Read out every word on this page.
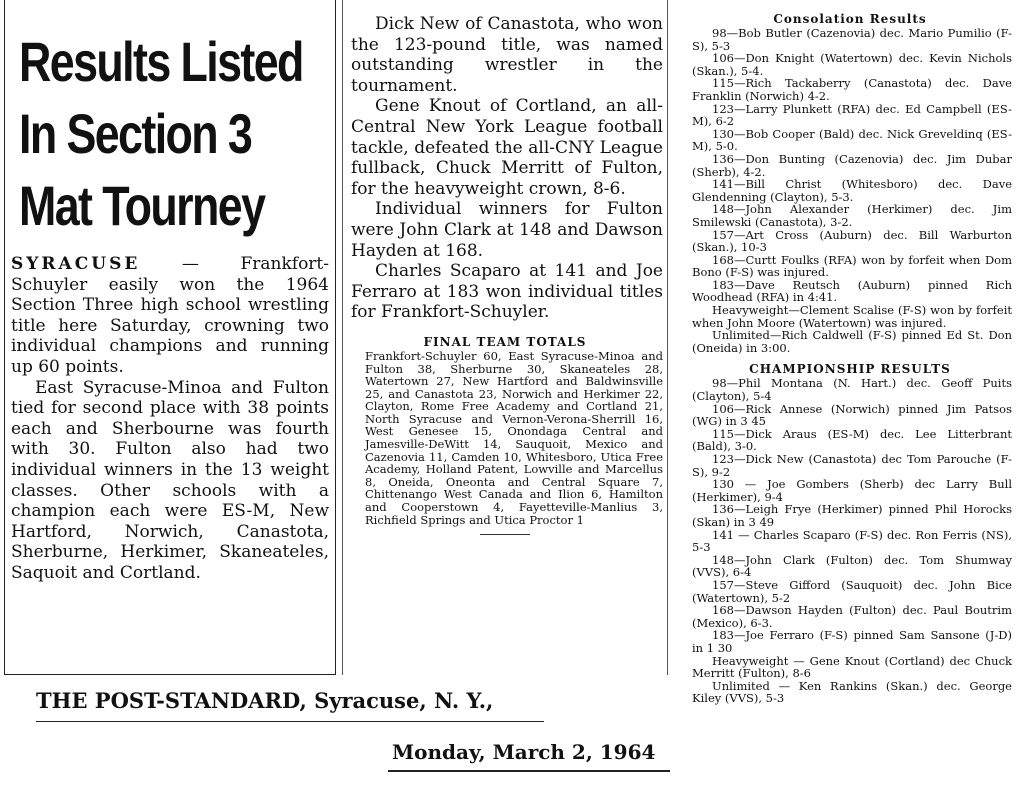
Results Listed
In Section 3
Mat Tourney

SYRACUSE — Frankfort-Schuyler easily won the 1964 Section Three high school wrestling title here Saturday, crowning two individual champions and running up 60 points.

East Syracuse-Minoa and Fulton tied for second place with 38 points each and Sherbourne was fourth with 30. Fulton also had two individual winners in the 13 weight classes. Other schools with a champion each were ES-M, New Hartford, Norwich, Canastota, Sherburne, Herkimer, Skaneateles, Saquoit and Cortland.

Dick New of Canastota, who won the 123-pound title, was named outstanding wrestler in the tournament.

Gene Knout of Cortland, an all-Central New York League football tackle, defeated the all-CNY League fullback, Chuck Merritt of Fulton, for the heavyweight crown, 8-6.

Individual winners for Fulton were John Clark at 148 and Dawson Hayden at 168.

Charles Scaparo at 141 and Joe Ferraro at 183 won individual titles for Frankfort-Schuyler.

FINAL TEAM TOTALS
Frankfort-Schuyler 60, East Syracuse-Minoa and Fulton 38, Sherburne 30, Skaneateles 28, Watertown 27, New Hartford and Baldwinsville 25, and Canastota 23, Norwich and Herkimer 22, Clayton, Rome Free Academy and Cortland 21, North Syracuse and Vernon-Verona-Sherrill 16, West Genesee 15, Onondaga Central and Jamesville-DeWitt 14, Sauquoit, Mexico and Cazenovia 11, Camden 10, Whitesboro, Utica Free Academy, Holland Patent, Lowville and Marcellus 8, Oneida, Oneonta and Central Square 7, Chittenango West Canada and Ilion 6, Hamilton and Cooperstown 4, Fayetteville-Manlius 3, Richfield Springs and Utica Proctor 1
Consolation Results
98—Bob Butler (Cazenovia) dec. Mario Pumilio (F-S), 5-3
106—Don Knight (Watertown) dec. Kevin Nichols (Skan.), 5-4.
115—Rich Tackaberry (Canastota) dec. Dave Franklin (Norwich) 4-2.
123—Larry Plunkett (RFA) dec. Ed Campbell (ES-M), 6-2
130—Bob Cooper (Bald) dec. Nick Greveldinq (ES-M), 5-0.
136—Don Bunting (Cazenovia) dec. Jim Dubar (Sherb), 4-2.
141—Bill Christ (Whitesboro) dec. Dave Glendenning (Clayton), 5-3.
148—John Alexander (Herkimer) dec. Jim Smilewski (Canastota), 3-2.
157—Art Cross (Auburn) dec. Bill Warburton (Skan.), 10-3
168—Curtt Foulks (RFA) won by forfeit when Dom Bono (F-S) was injured.
183—Dave Reutsch (Auburn) pinned Rich Woodhead (RFA) in 4:41.
Heavyweight—Clement Scalise (F-S) won by forfeit when John Moore (Watertown) was injured.
Unlimited—Rich Caldwell (F-S) pinned Ed St. Don (Oneida) in 3:00.
CHAMPIONSHIP RESULTS
98—Phil Montana (N. Hart.) dec. Geoff Puits (Clayton), 5-4
106—Rick Annese (Norwich) pinned Jim Patsos (WG) in 3 45
115—Dick Araus (ES-M) dec. Lee Litterbrant (Bald), 3-0.
123—Dick New (Canastota) dec Tom Parouche (F-S), 9-2
130 — Joe Gombers (Sherb) dec Larry Bull (Herkimer), 9-4
136—Leigh Frye (Herkimer) pinned Phil Horocks (Skan) in 3 49
141 — Charles Scaparo (F-S) dec. Ron Ferris (NS), 5-3
148—John Clark (Fulton) dec. Tom Shumway (VVS), 6-4
157—Steve Gifford (Sauquoit) dec. John Bice (Watertown), 5-2
168—Dawson Hayden (Fulton) dec. Paul Boutrim (Mexico), 6-3.
183—Joe Ferraro (F-S) pinned Sam Sansone (J-D) in 1 30
Heavyweight — Gene Knout (Cortland) dec Chuck Merritt (Fulton), 8-6
Unlimited — Ken Rankins (Skan.) dec. George Kiley (VVS), 5-3
THE POST-STANDARD, Syracuse, N. Y.,
Monday, March 2, 1964
